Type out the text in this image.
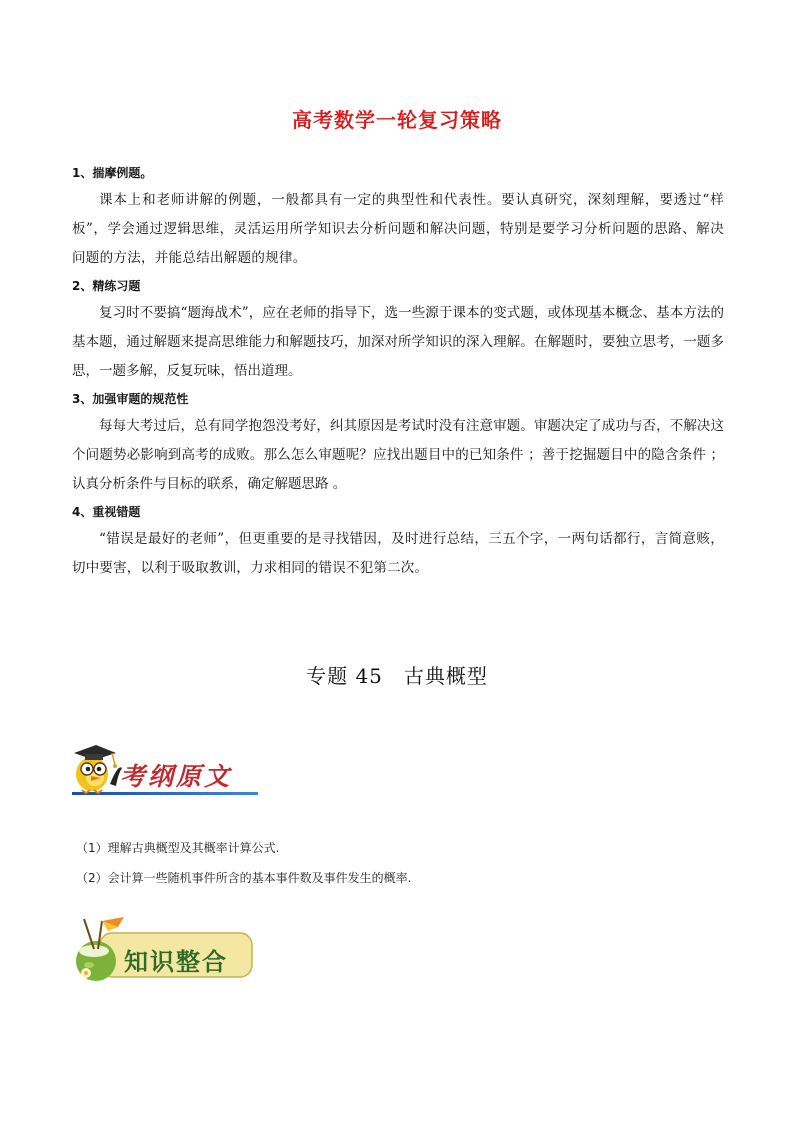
高考数学一轮复习策略
1、揣摩例题。

课本上和老师讲解的例题，一般都具有一定的典型性和代表性。要认真研究，深刻理解，要透过“样板”，学会通过逻辑思维，灵活运用所学知识去分析问题和解决问题，特别是要学习分析问题的思路、解决问题的方法，并能总结出解题的规律。

2、精练习题

复习时不要搞“题海战术”，应在老师的指导下，选一些源于课本的变式题，或体现基本概念、基本方法的基本题，通过解题来提高思维能力和解题技巧，加深对所学知识的深入理解。在解题时，要独立思考，一题多思，一题多解，反复玩味，悟出道理。

3、加强审题的规范性

每每大考过后，总有同学抱怨没考好，纠其原因是考试时没有注意审题。审题决定了成功与否，不解决这个问题势必影响到高考的成败。那么怎么审题呢？应找出题目中的已知条件 ；善于挖掘题目中的隐含条件 ；认真分析条件与目标的联系，确定解题思路 。

4、重视错题

“错误是最好的老师”，但更重要的是寻找错因，及时进行总结，三五个字，一两句话都行，言简意赅，切中要害，以利于吸取教训，力求相同的错误不犯第二次。

专题 45　古典概型
考纲原文
（1）理解古典概型及其概率计算公式.
（2）会计算一些随机事件所含的基本事件数及事件发生的概率.
知识整合
